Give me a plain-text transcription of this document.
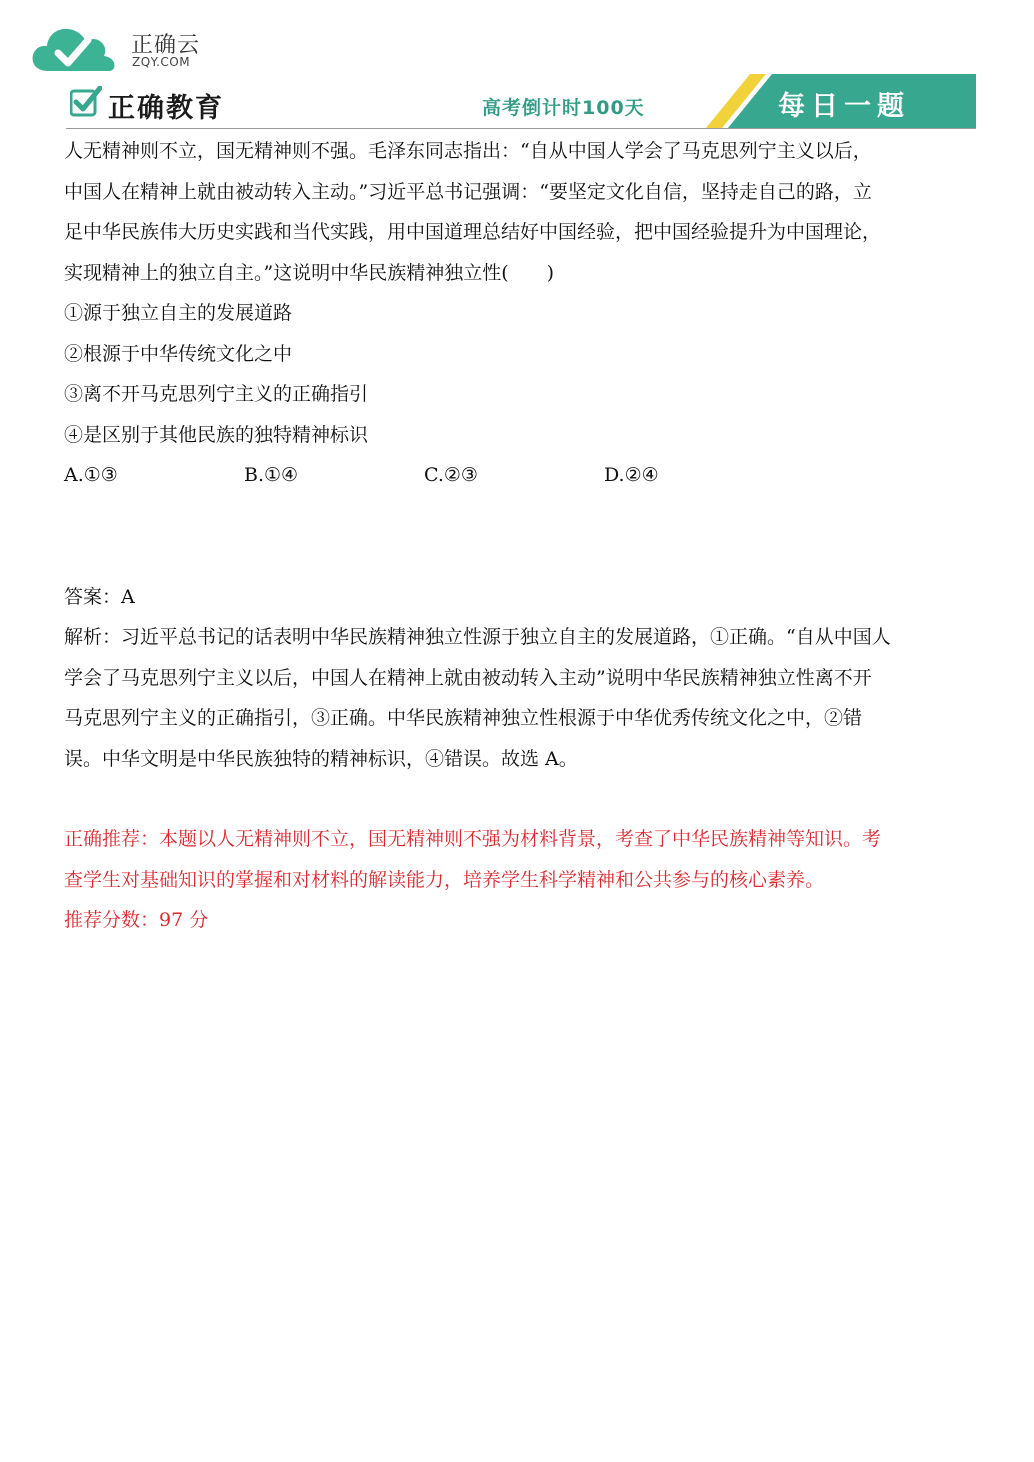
正确云
ZQY.COM
正确教育	高考倒计时100天	每日一题

人无精神则不立，国无精神则不强。毛泽东同志指出：“自从中国人学会了马克思列宁主义以后，

中国人在精神上就由被动转入主动。”习近平总书记强调：“要坚定文化自信，坚持走自己的路，立

足中华民族伟大历史实践和当代实践，用中国道理总结好中国经验，把中国经验提升为中国理论，

实现精神上的独立自主。”这说明中华民族精神独立性(　　)

①源于独立自主的发展道路

②根源于中华传统文化之中

③离不开马克思列宁主义的正确指引

④是区别于其他民族的独特精神标识

A.①③	B.①④	C.②③	D.②④

答案：A

解析：习近平总书记的话表明中华民族精神独立性源于独立自主的发展道路，①正确。“自从中国人

学会了马克思列宁主义以后，中国人在精神上就由被动转入主动”说明中华民族精神独立性离不开

马克思列宁主义的正确指引，③正确。中华民族精神独立性根源于中华优秀传统文化之中，②错

误。中华文明是中华民族独特的精神标识，④错误。故选 A。

正确推荐：本题以人无精神则不立，国无精神则不强为材料背景，考查了中华民族精神等知识。考

查学生对基础知识的掌握和对材料的解读能力，培养学生科学精神和公共参与的核心素养。

推荐分数：97 分
